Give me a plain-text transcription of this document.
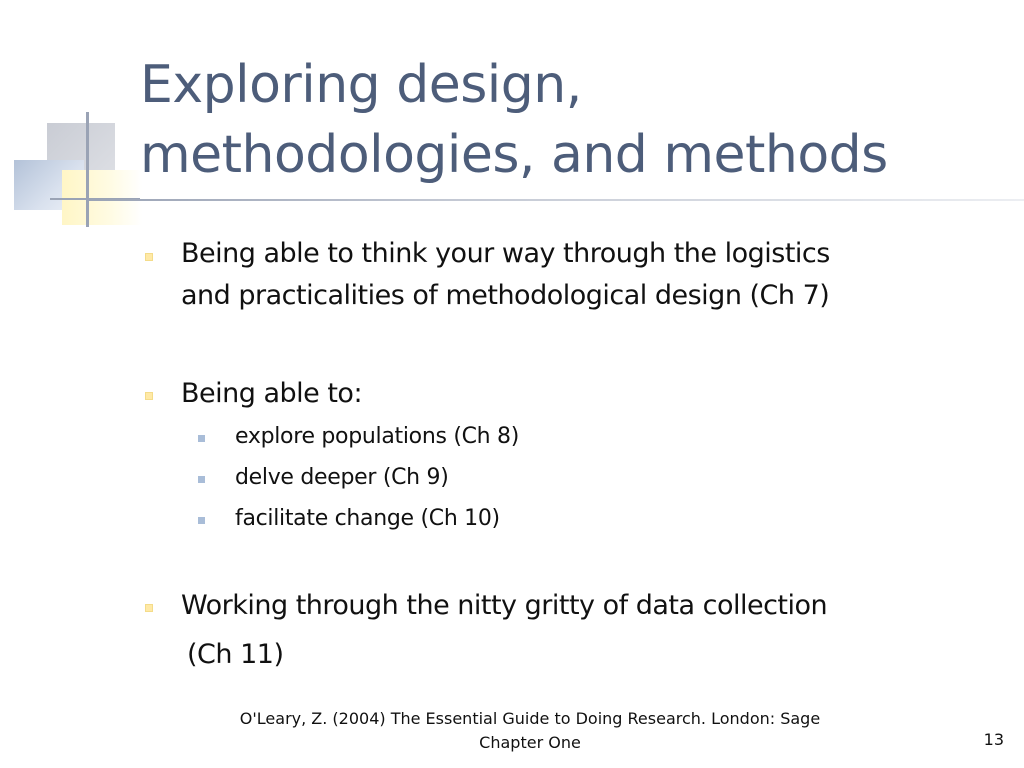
Exploring design,
methodologies, and methods
Being able to think your way through the logistics
and practicalities of methodological design (Ch 7)
Being able to:
explore populations (Ch 8)
delve deeper (Ch 9)
facilitate change (Ch 10)
Working through the nitty gritty of data collection
(Ch 11)
O'Leary, Z. (2004) The Essential Guide to Doing Research. London: Sage
Chapter One	13
